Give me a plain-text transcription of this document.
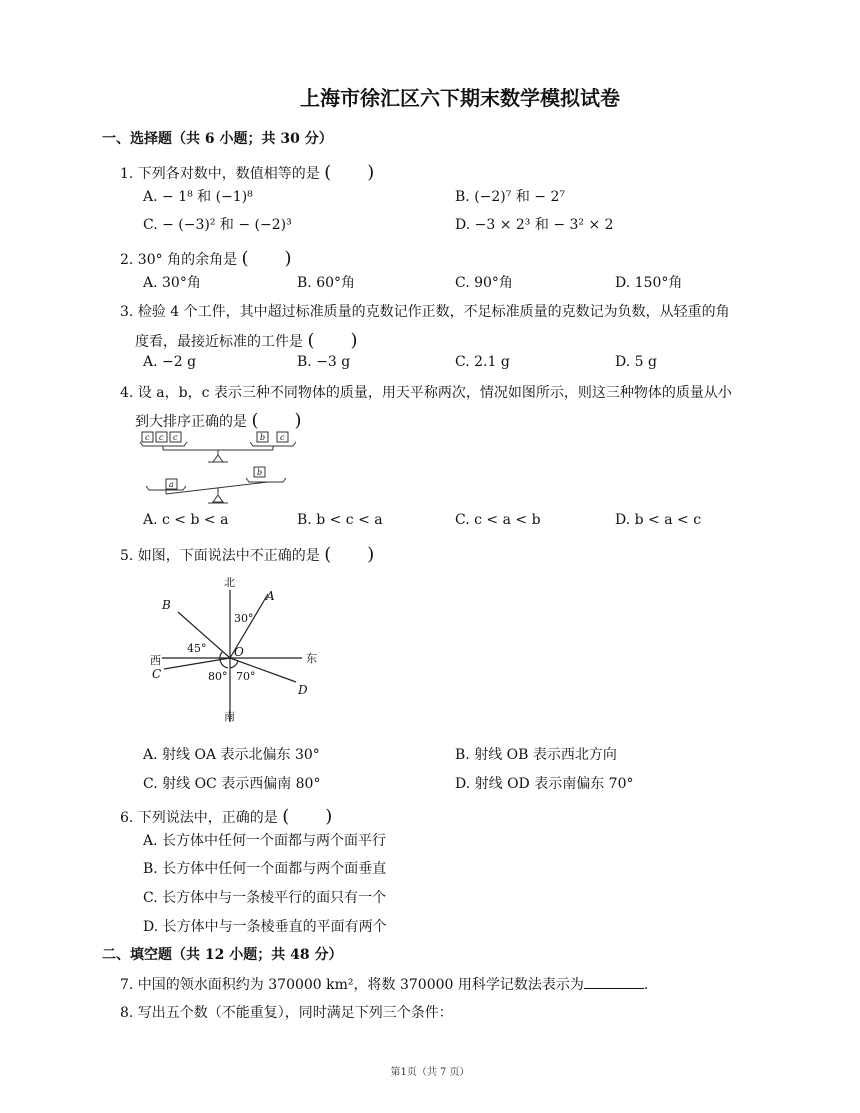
上海市徐汇区六下期末数学模拟试卷
一、选择题（共 6 小题；共 30 分）
1. 下列各对数中，数值相等的是 (　　)
A. − 1⁸ 和 (−1)⁸	B. (−2)⁷ 和 − 2⁷
C. − (−3)² 和 − (−2)³	D. −3 × 2³ 和 − 3² × 2
2. 30° 角的余角是 (　　)
A. 30°角	B. 60°角	C. 90°角	D. 150°角
3. 检验 4 个工件，其中超过标准质量的克数记作正数，不足标准质量的克数记为负数，从轻重的角
度看，最接近标准的工件是 (　　)
A. −2 g	B. −3 g	C. 2.1 g	D. 5 g
4. 设 a，b，c 表示三种不同物体的质量，用天平称两次，情况如图所示，则这三种物体的质量从小
到大排序正确的是 (　　)
c c c	b c
a
b
A. c < b < a	B. b < c < a	C. c < a < b	D. b < a < c
5. 如图，下面说法中不正确的是 (　　)
北
南
东
西
30°
45°
80° 70°
A
B
C
D
O
A. 射线 OA 表示北偏东 30°	B. 射线 OB 表示西北方向
C. 射线 OC 表示西偏南 80°	D. 射线 OD 表示南偏东 70°
6. 下列说法中，正确的是 (　　)
A. 长方体中任何一个面都与两个面平行
B. 长方体中任何一个面都与两个面垂直
C. 长方体中与一条棱平行的面只有一个
D. 长方体中与一条棱垂直的平面有两个
二、填空题（共 12 小题；共 48 分）
7. 中国的领水面积约为 370000 km²，将数 370000 用科学记数法表示为	.
8. 写出五个数（不能重复），同时满足下列三个条件：
第1页（共 7 页）
